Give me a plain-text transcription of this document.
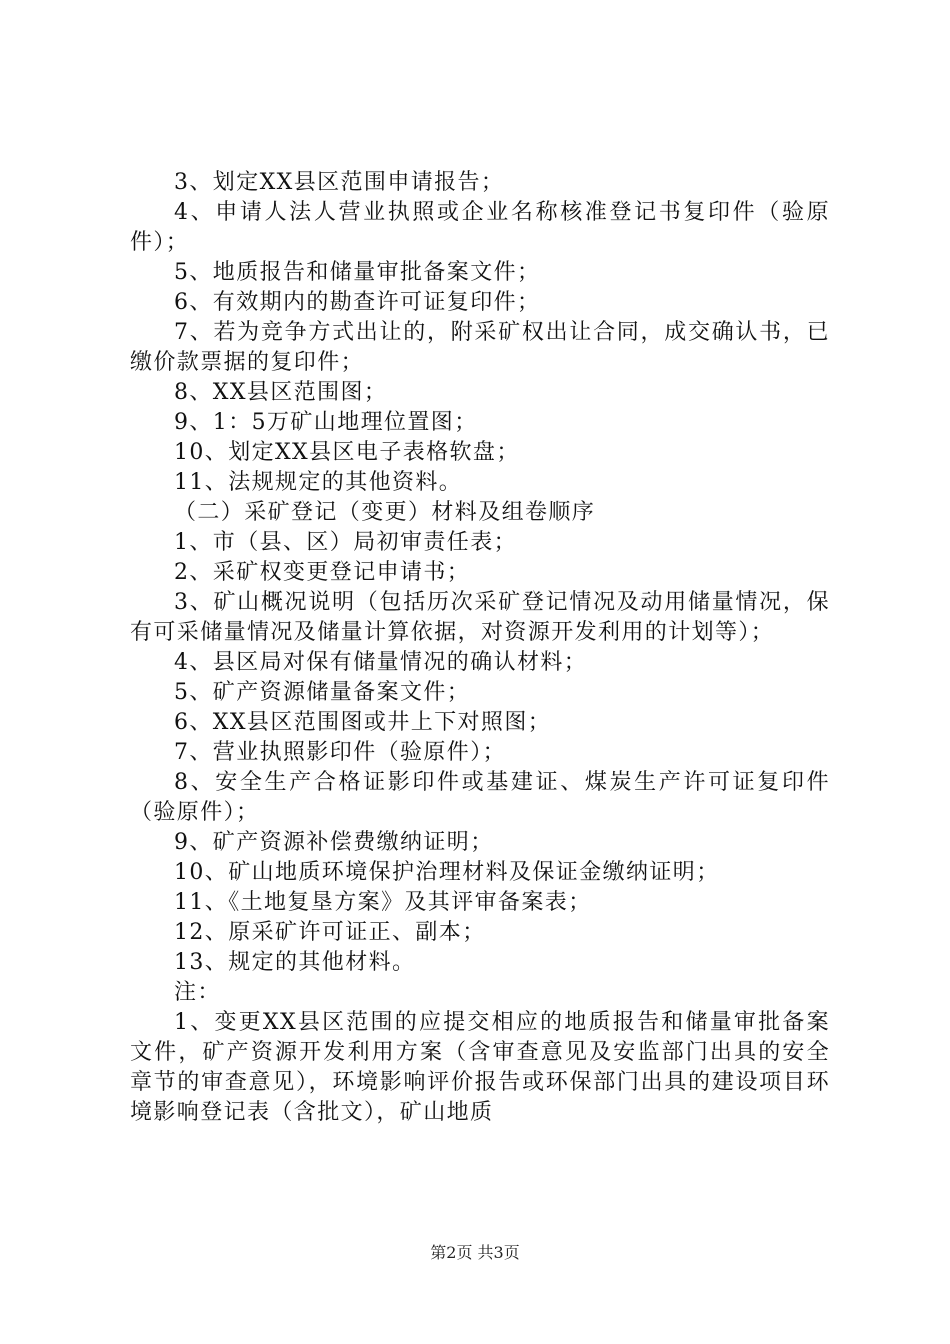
3、划定XX县区范围申请报告；

4、申请人法人营业执照或企业名称核准登记书复印件（验原件）；

5、地质报告和储量审批备案文件；

6、有效期内的勘查许可证复印件；

7、若为竞争方式出让的，附采矿权出让合同，成交确认书，已缴价款票据的复印件；

8、XX县区范围图；

9、1：5万矿山地理位置图；

10、划定XX县区电子表格软盘；

11、法规规定的其他资料。

（二）采矿登记（变更）材料及组卷顺序

1、市（县、区）局初审责任表；

2、采矿权变更登记申请书；

3、矿山概况说明（包括历次采矿登记情况及动用储量情况，保有可采储量情况及储量计算依据，对资源开发利用的计划等）；

4、县区局对保有储量情况的确认材料；

5、矿产资源储量备案文件；

6、XX县区范围图或井上下对照图；

7、营业执照影印件（验原件）；

8、安全生产合格证影印件或基建证、煤炭生产许可证复印件（验原件）；

9、矿产资源补偿费缴纳证明；

10、矿山地质环境保护治理材料及保证金缴纳证明；

11、《土地复垦方案》及其评审备案表；

12、原采矿许可证正、副本；

13、规定的其他材料。

注：

1、变更XX县区范围的应提交相应的地质报告和储量审批备案文件，矿产资源开发利用方案（含审查意见及安监部门出具的安全章节的审查意见），环境影响评价报告或环保部门出具的建设项目环境影响登记表（含批文），矿山地质

第2页 共3页
